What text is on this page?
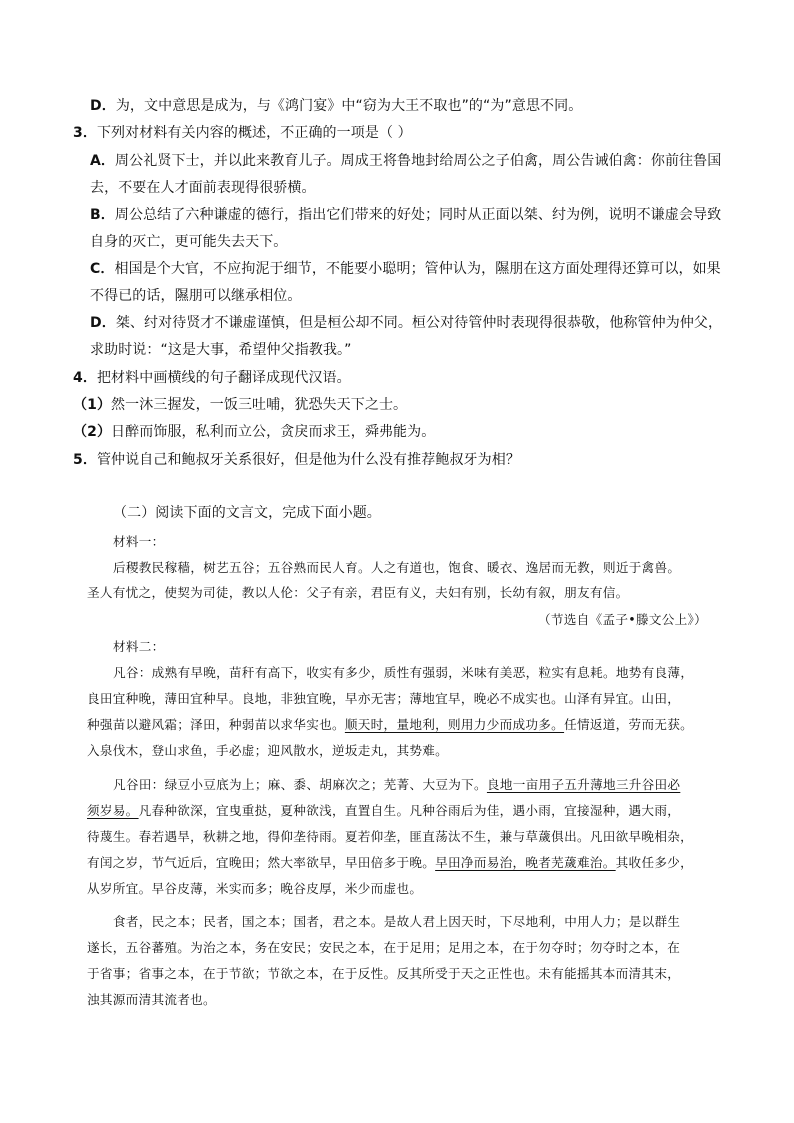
D．为，文中意思是成为，与《鸿门宴》中“窃为大王不取也”的“为”意思不同。
3．下列对材料有关内容的概述，不正确的一项是（ ）
A．周公礼贤下士，并以此来教育儿子。周成王将鲁地封给周公之子伯禽，周公告诫伯禽：你前往鲁国
去，不要在人才面前表现得很骄横。
B．周公总结了六种谦虚的德行，指出它们带来的好处；同时从正面以桀、纣为例，说明不谦虚会导致
自身的灭亡，更可能失去天下。
C．相国是个大官，不应拘泥于细节，不能要小聪明；管仲认为，隰朋在这方面处理得还算可以，如果
不得已的话，隰朋可以继承相位。
D．桀、纣对待贤才不谦虚谨慎，但是桓公却不同。桓公对待管仲时表现得很恭敬，他称管仲为仲父，
求助时说：“这是大事，希望仲父指教我。”
4．把材料中画横线的句子翻译成现代汉语。
（1）然一沐三握发，一饭三吐哺，犹恐失天下之士。
（2）日醉而饰服，私利而立公，贪戾而求王，舜弗能为。
5．管仲说自己和鲍叔牙关系很好，但是他为什么没有推荐鲍叔牙为相？
（二）阅读下面的文言文，完成下面小题。
材料一：
后稷教民稼穑，树艺五谷；五谷熟而民人育。人之有道也，饱食、暖衣、逸居而无教，则近于禽兽。
圣人有忧之，使契为司徒，教以人伦：父子有亲，君臣有义，夫妇有别，长幼有叙，朋友有信。
（节选自《孟子•滕文公上》）
材料二：
凡谷：成熟有早晚，苗秆有高下，收实有多少，质性有强弱，米味有美恶，粒实有息耗。地势有良薄，
良田宜种晚，薄田宜种早。良地，非独宜晚，早亦无害；薄地宜早，晚必不成实也。山泽有异宜。山田，
种强苗以避风霜；泽田，种弱苗以求华实也。顺天时，量地利，则用力少而成功多。任情返道，劳而无获。
入泉伐木，登山求鱼，手必虚；迎风散水，逆坂走丸，其势难。
凡谷田：绿豆小豆底为上；麻、黍、胡麻次之；芜菁、大豆为下。良地一亩用子五升薄地三升谷田必
须岁易。凡春种欲深，宜曳重挞，夏种欲浅，直置自生。凡种谷雨后为佳，遇小雨，宜接湿种，遇大雨，
待蔑生。春若遇旱，秋耕之地，得仰垄待雨。夏若仰垄，匪直荡汰不生，兼与草薉俱出。凡田欲早晚相杂，
有闰之岁，节气近后，宜晚田；然大率欲早，早田倍多于晚。早田净而易治，晚者芜薉难治。其收任多少，
从岁所宜。早谷皮薄，米实而多；晚谷皮厚，米少而虚也。
食者，民之本；民者，国之本；国者，君之本。是故人君上因天时，下尽地利，中用人力；是以群生
遂长，五谷蕃殖。为治之本，务在安民；安民之本，在于足用；足用之本，在于勿夺时；勿夺时之本，在
于省事；省事之本，在于节欲；节欲之本，在于反性。反其所受于天之正性也。未有能摇其本而清其末，
浊其源而清其流者也。
